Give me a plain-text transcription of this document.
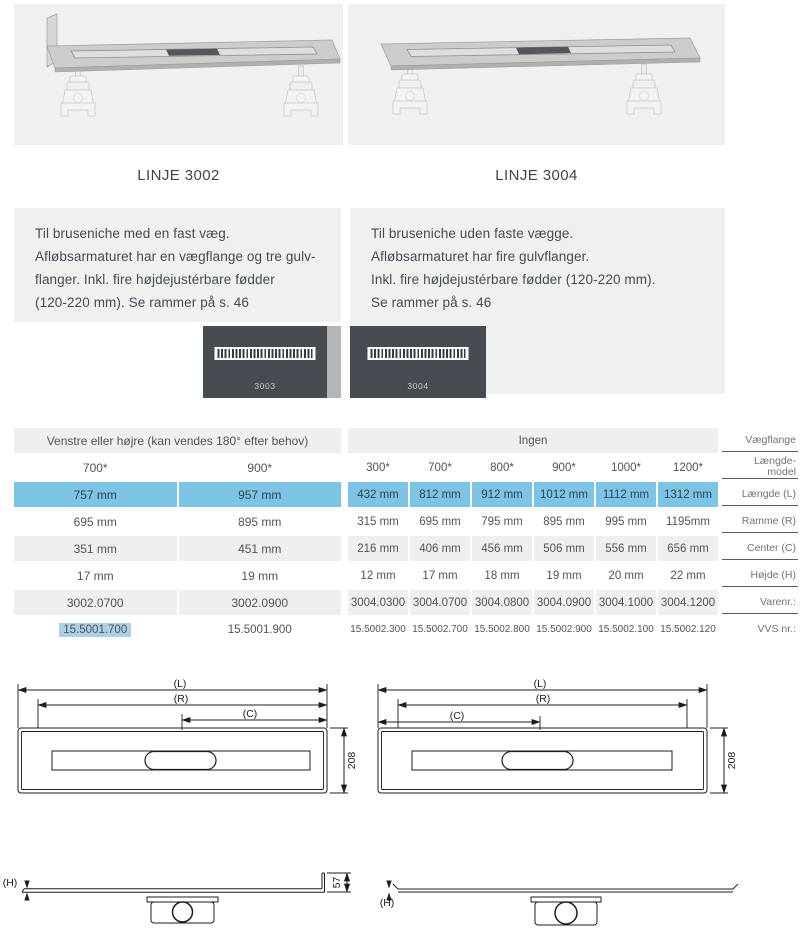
LINJE 3002	LINJE 3004
Til bruseniche med en fast væg.
Afløbsarmaturet har en vægflange og tre gulv-
flanger. Inkl. fire højdejustérbare fødder
(120-220 mm). Se rammer på s. 46
Til bruseniche uden faste vægge.
Afløbsarmaturet har fire gulvflanger.
Inkl. fire højdejustérbare fødder (120-220 mm).
Se rammer på s. 46
3003	3004
Venstre eller højre (kan vendes 180° efter behov)	Ingen	Vægflange
700*	900*	300*	700*	800*	900*	1000*	1200*
Længde-
model
757 mm	957 mm	432 mm	812 mm	912 mm	1012 mm	1112 mm	1312 mm	Længde (L)
695 mm	895 mm	315 mm	695 mm	795 mm	895 mm	995 mm	1195mm	Ramme (R)
351 mm	451 mm	216 mm	406 mm	456 mm	506 mm	556 mm	656 mm	Center (C)
17 mm	19 mm	12 mm	17 mm	18 mm	19 mm	20 mm	22 mm	Højde (H)
3002.0700	3002.0900	3004.0300 3004.0700 3004.0800 3004.0900 3004.1000 3004.1200	Varenr.:
15.5001.700	15.5001.900	15.5002.300 15.5002.700 15.5002.800 15.5002.900 15.5002.100 15.5002.120	VVS nr.:
(L)
(R)
(C)
208
(L)
(R)
(C)
208
57
(H)
(H)
